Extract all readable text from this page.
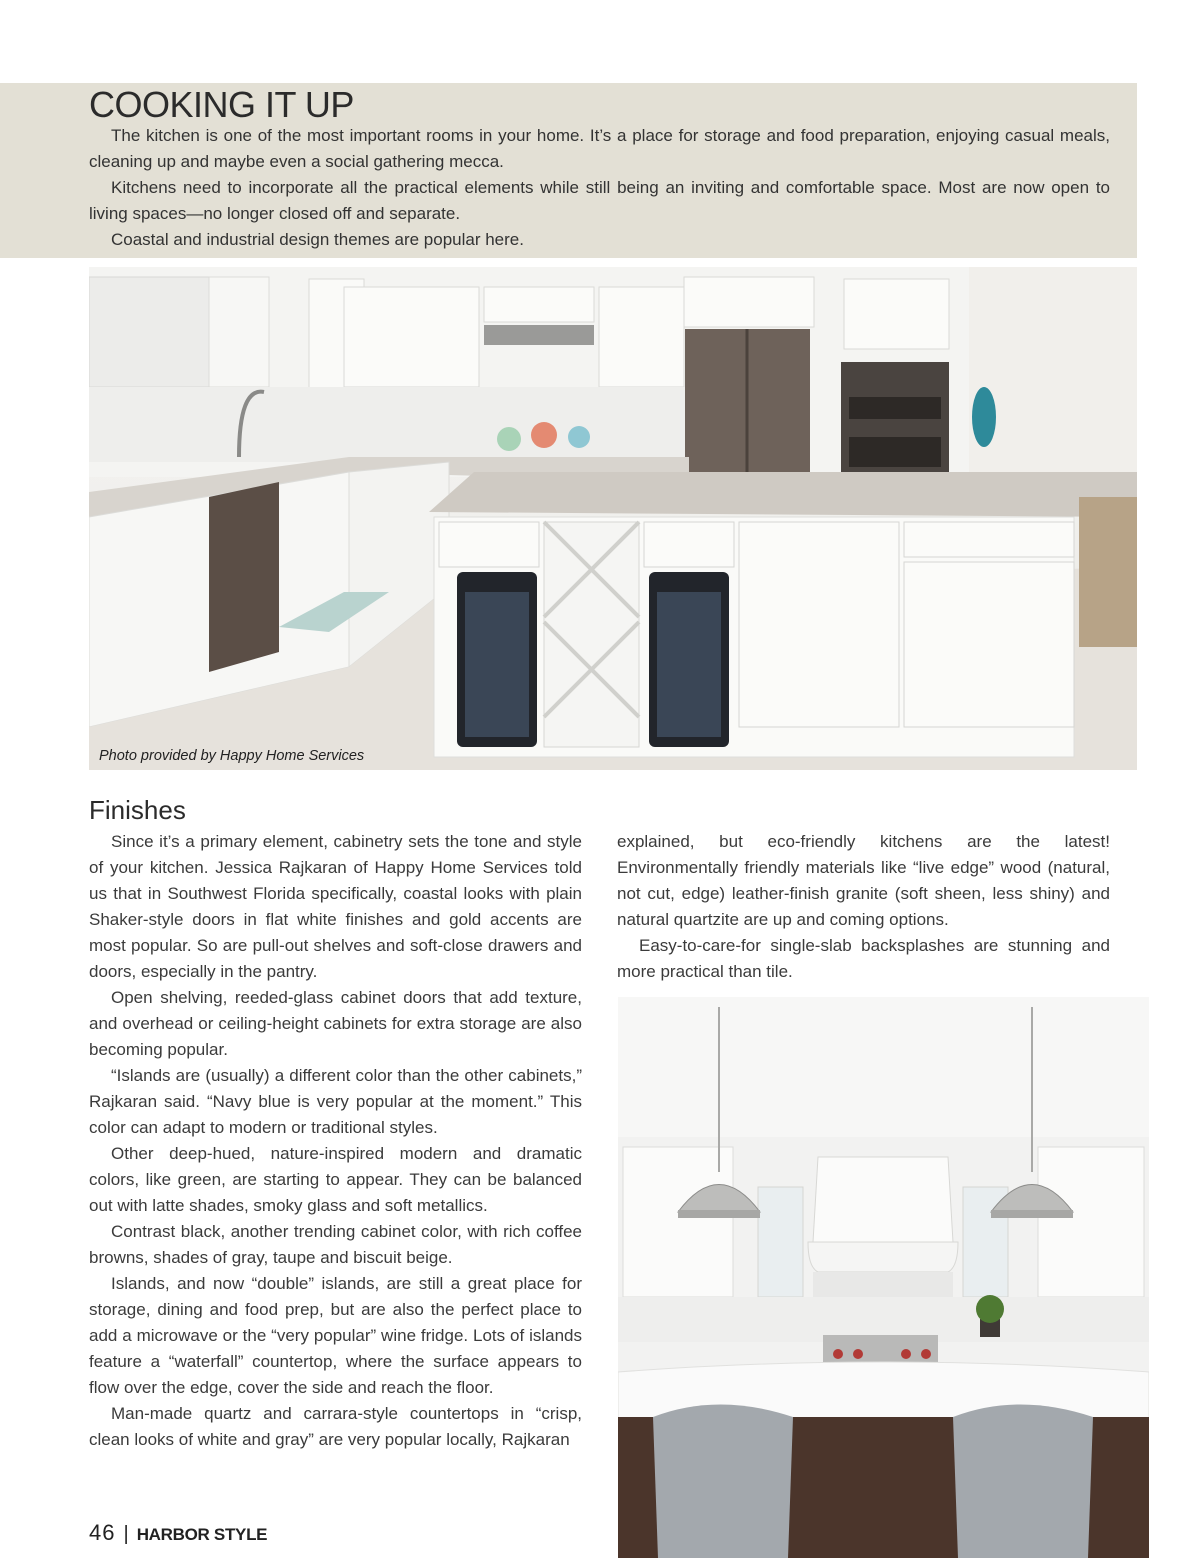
COOKING IT UP

The kitchen is one of the most important rooms in your home. It’s a place for storage and food preparation, enjoying casual meals, cleaning up and maybe even a social gathering mecca.

Kitchens need to incorporate all the practical elements while still being an inviting and comfortable space. Most are now open to living spaces—no longer closed off and separate.

Coastal and industrial design themes are popular here.

Photo provided by Happy Home Services
Finishes

Since it’s a primary element, cabinetry sets the tone and style of your kitchen. Jessica Rajkaran of Happy Home Services told us that in Southwest Florida specifically, coastal looks with plain Shaker-style doors in flat white finishes and gold accents are most popular. So are pull-out shelves and soft-close drawers and doors, especially in the pantry.

Open shelving, reeded-glass cabinet doors that add texture, and overhead or ceiling-height cabinets for extra storage are also becoming popular.

“Islands are (usually) a different color than the other cabinets,” Rajkaran said. “Navy blue is very popular at the moment.” This color can adapt to modern or traditional styles.

Other deep-hued, nature-inspired modern and dramatic colors, like green, are starting to appear. They can be balanced out with latte shades, smoky glass and soft metallics.

Contrast black, another trending cabinet color, with rich coffee browns, shades of gray, taupe and biscuit beige.

Islands, and now “double” islands, are still a great place for storage, dining and food prep, but are also the perfect place to add a microwave or the “very popular” wine fridge. Lots of islands feature a “waterfall” countertop, where the surface appears to flow over the edge, cover the side and reach the floor.

Man-made quartz and carrara-style countertops in “crisp, clean looks of white and gray” are very popular locally, Rajkaran

explained, but eco-friendly kitchens are the latest! Environmentally friendly materials like “live edge” wood (natural, not cut, edge) leather-finish granite (soft sheen, less shiny) and natural quartzite are up and coming options.

Easy-to-care-for single-slab backsplashes are stunning and more practical than tile.

46 | HARBOR STYLE
